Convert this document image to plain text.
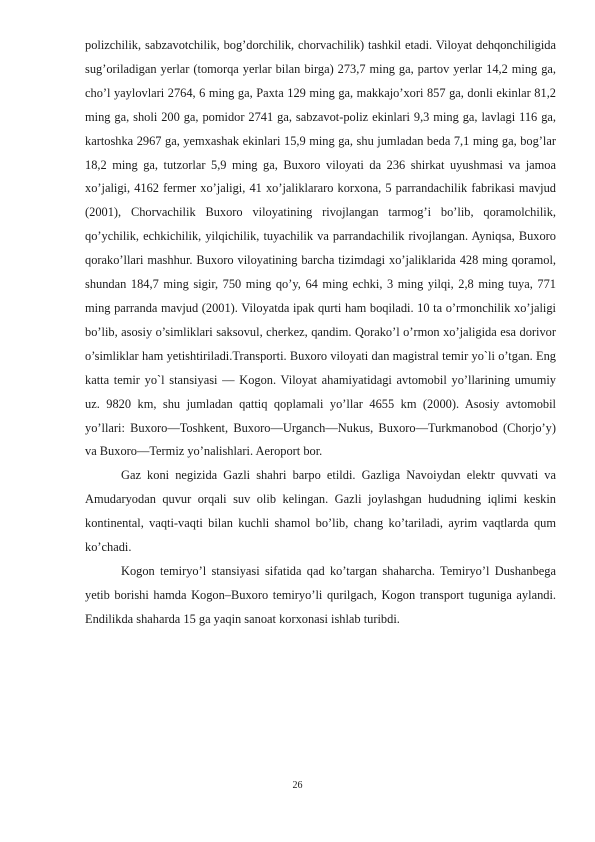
polizchilik, sabzavotchilik, bog’dorchilik, chorvachilik) tashkil etadi. Viloyat dehqonchiligida sug’oriladigan yerlar (tomorqa yerlar bilan birga) 273,7 ming ga, partov yerlar 14,2 ming ga, cho’l yaylovlari 2764, 6 ming ga, Paxta 129 ming ga, makkajo’xori 857 ga, donli ekinlar 81,2 ming ga, sholi 200 ga, pomidor 2741 ga, sabzavot-poliz ekinlari 9,3 ming ga, lavlagi 116 ga, kartoshka 2967 ga, yemxashak ekinlari 15,9 ming ga, shu jumladan beda 7,1 ming ga, bog’lar 18,2 ming ga, tutzorlar 5,9 ming ga, Buxoro viloyati da 236 shirkat uyushmasi va jamoa xo’jaligi, 4162 fermer xo’jaligi, 41 xo’jaliklararo korxona, 5 parrandachilik fabrikasi mavjud (2001), Chorvachilik Buxoro viloyatining rivojlangan tarmog’i bo’lib, qoramolchilik, qo’ychilik, echkichilik, yilqichilik, tuyachilik va parrandachilik rivojlangan. Ayniqsa, Buxoro qorako’llari mashhur. Buxoro viloyatining barcha tizimdagi xo’jaliklarida 428 ming qoramol, shundan 184,7 ming sigir, 750 ming qo’y, 64 ming echki, 3 ming yilqi, 2,8 ming tuya, 771 ming parranda mavjud (2001). Viloyatda ipak qurti ham boqiladi. 10 ta o’rmonchilik xo’jaligi bo’lib, asosiy o’simliklari saksovul, cherkez, qandim. Qorako’l o’rmon xo’jaligida esa dorivor o’simliklar ham yetishtiriladi.Transporti. Buxoro viloyati dan magistral temir yo`li o’tgan. Eng katta temir yo`l stansiyasi — Kogon. Viloyat ahamiyatidagi avtomobil yo’llarining umumiy uz. 9820 km, shu jumladan qattiq qoplamali yo’llar 4655 km (2000). Asosiy avtomobil yo’llari: Buxoro—Toshkent, Buxoro—Urganch—Nukus, Buxoro—Turkmanobod (Chorjo’y) va Buxoro—Termiz yo’nalishlari. Aeroport bor.

Gaz koni negizida Gazli shahri barpo etildi. Gazliga Navoiydan elektr quvvati va Amudaryodan quvur orqali suv olib kelingan. Gazli joylashgan hududning iqlimi keskin kontinental, vaqti-vaqti bilan kuchli shamol bo’lib, chang ko’tariladi, ayrim vaqtlarda qum ko’chadi.

Kogon temiryo’l stansiyasi sifatida qad ko’targan shaharcha. Temiryo’l Dushanbega yetib borishi hamda Kogon–Buxoro temiryo’li qurilgach, Kogon transport tuguniga aylandi. Endilikda shaharda 15 ga yaqin sanoat korxonasi ishlab turibdi.

26
